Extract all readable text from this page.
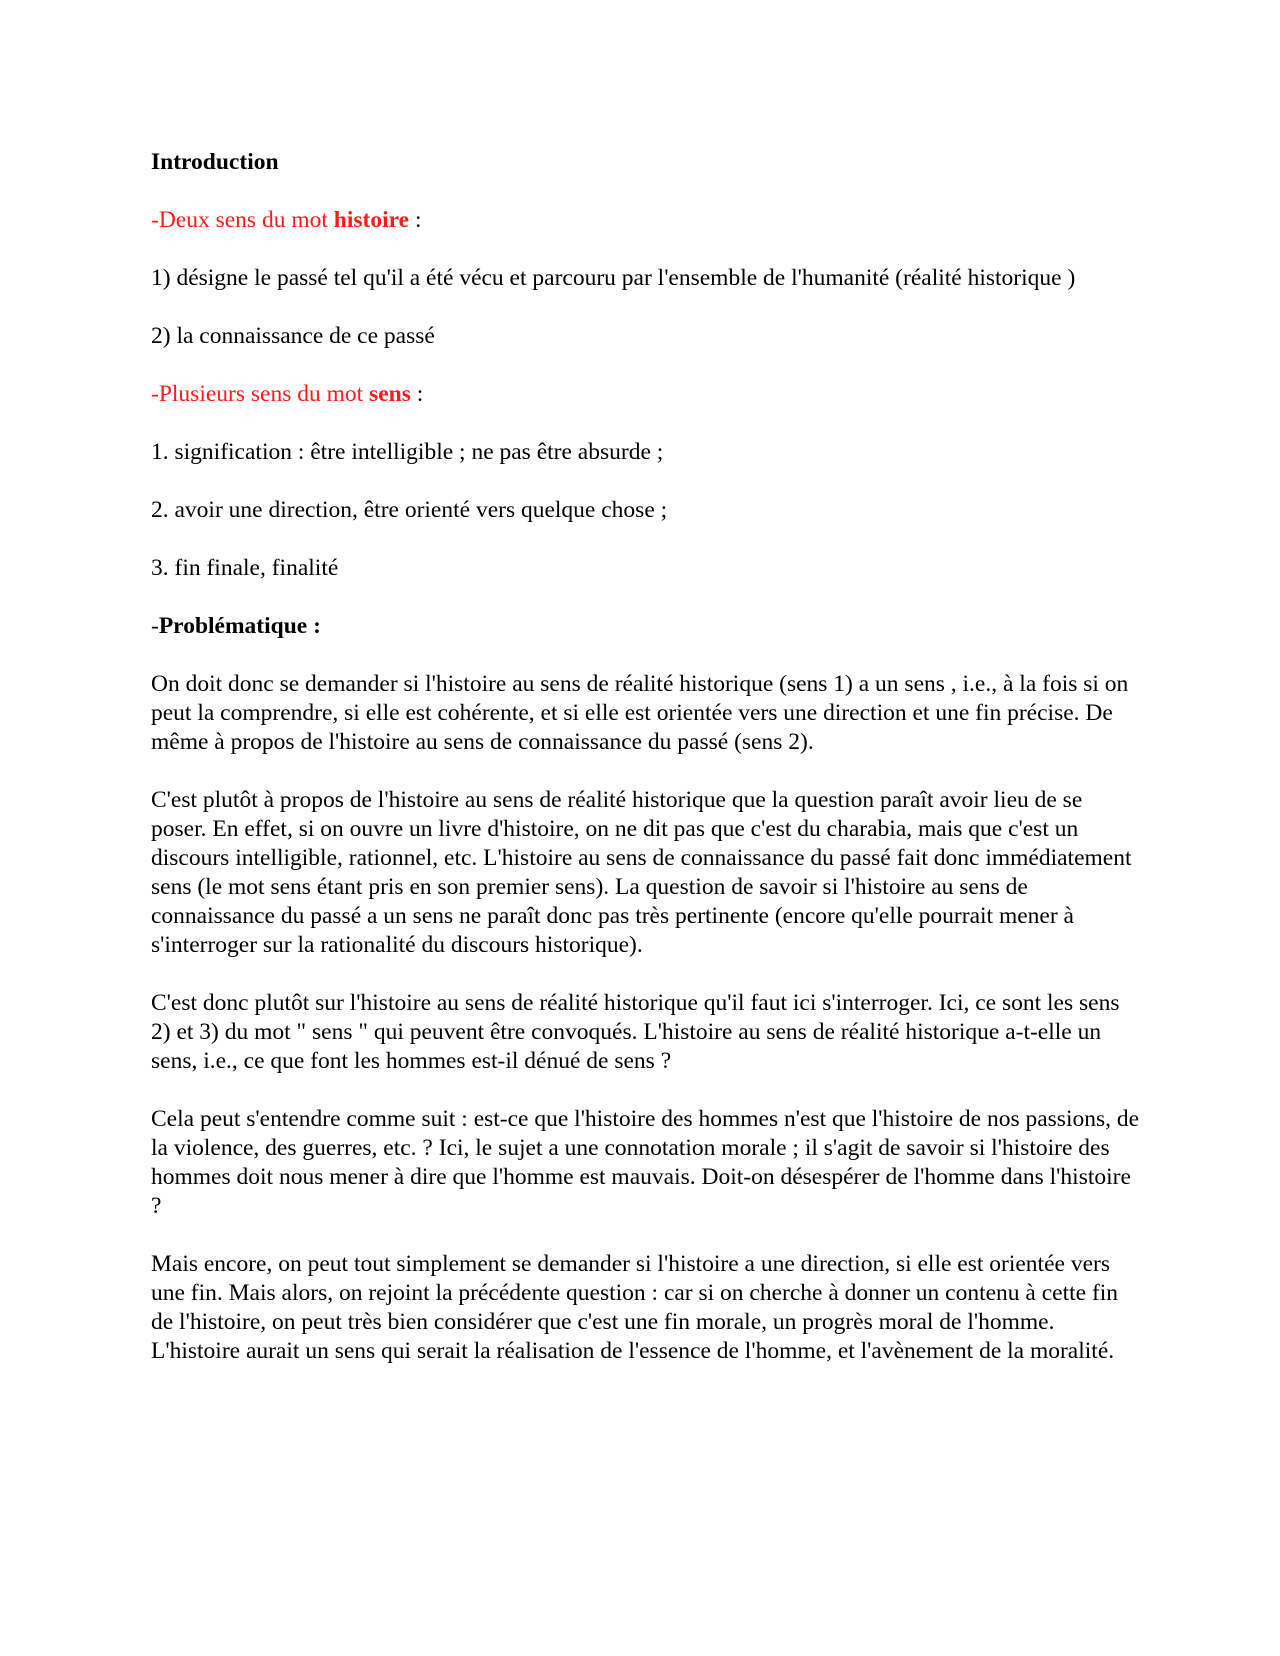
Introduction

-Deux sens du mot histoire :

1) désigne le passé tel qu'il a été vécu et parcouru par l'ensemble de l'humanité (réalité historique )

2) la connaissance de ce passé

-Plusieurs sens du mot sens :

1. signification : être intelligible ; ne pas être absurde ;

2. avoir une direction, être orienté vers quelque chose ;

3. fin finale, finalité

-Problématique :

On doit donc se demander si l'histoire au sens de réalité historique (sens 1) a un sens , i.e., à la fois si on peut la comprendre, si elle est cohérente, et si elle est orientée vers une direction et une fin précise. De même à propos de l'histoire au sens de connaissance du passé (sens 2).

C'est plutôt à propos de l'histoire au sens de réalité historique que la question paraît avoir lieu de se poser. En effet, si on ouvre un livre d'histoire, on ne dit pas que c'est du charabia, mais que c'est un discours intelligible, rationnel, etc. L'histoire au sens de connaissance du passé fait donc immédiatement sens (le mot sens étant pris en son premier sens). La question de savoir si l'histoire au sens de connaissance du passé a un sens ne paraît donc pas très pertinente (encore qu'elle pourrait mener à s'interroger sur la rationalité du discours historique).

C'est donc plutôt sur l'histoire au sens de réalité historique qu'il faut ici s'interroger. Ici, ce sont les sens 2) et 3) du mot " sens " qui peuvent être convoqués. L'histoire au sens de réalité historique a-t-elle un sens, i.e., ce que font les hommes est-il dénué de sens ?

Cela peut s'entendre comme suit : est-ce que l'histoire des hommes n'est que l'histoire de nos passions, de la violence, des guerres, etc. ? Ici, le sujet a une connotation morale ; il s'agit de savoir si l'histoire des hommes doit nous mener à dire que l'homme est mauvais. Doit-on désespérer de l'homme dans l'histoire ?

Mais encore, on peut tout simplement se demander si l'histoire a une direction, si elle est orientée vers une fin. Mais alors, on rejoint la précédente question : car si on cherche à donner un contenu à cette fin de l'histoire, on peut très bien considérer que c'est une fin morale, un progrès moral de l'homme. L'histoire aurait un sens qui serait la réalisation de l'essence de l'homme, et l'avènement de la moralité.
